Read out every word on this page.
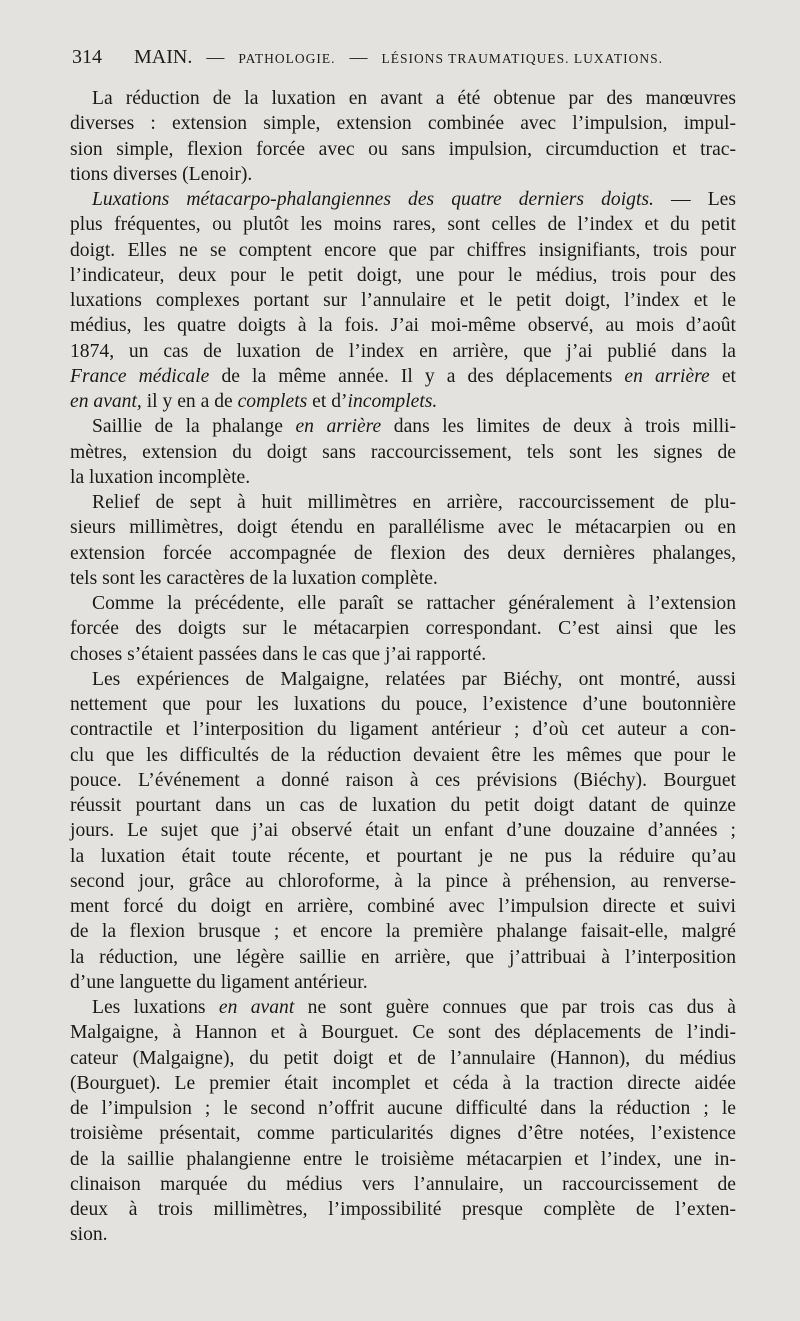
314 MAIN. — PATHOLOGIE. — LÉSIONS TRAUMATIQUES. LUXATIONS.
La réduction de la luxation en avant a été obtenue par des manœuvres
diverses : extension simple, extension combinée avec l’impulsion, impul-
sion simple, flexion forcée avec ou sans impulsion, circumduction et trac-
tions diverses (Lenoir).
Luxations métacarpo-phalangiennes des quatre derniers doigts. — Les
plus fréquentes, ou plutôt les moins rares, sont celles de l’index et du petit
doigt. Elles ne se comptent encore que par chiffres insignifiants, trois pour
l’indicateur, deux pour le petit doigt, une pour le médius, trois pour des
luxations complexes portant sur l’annulaire et le petit doigt, l’index et le
médius, les quatre doigts à la fois. J’ai moi-même observé, au mois d’août
1874, un cas de luxation de l’index en arrière, que j’ai publié dans la
France médicale de la même année. Il y a des déplacements en arrière et
en avant, il y en a de complets et d’incomplets.
Saillie de la phalange en arrière dans les limites de deux à trois milli-
mètres, extension du doigt sans raccourcissement, tels sont les signes de
la luxation incomplète.
Relief de sept à huit millimètres en arrière, raccourcissement de plu-
sieurs millimètres, doigt étendu en parallélisme avec le métacarpien ou en
extension forcée accompagnée de flexion des deux dernières phalanges,
tels sont les caractères de la luxation complète.
Comme la précédente, elle paraît se rattacher généralement à l’extension
forcée des doigts sur le métacarpien correspondant. C’est ainsi que les
choses s’étaient passées dans le cas que j’ai rapporté.
Les expériences de Malgaigne, relatées par Biéchy, ont montré, aussi
nettement que pour les luxations du pouce, l’existence d’une boutonnière
contractile et l’interposition du ligament antérieur ; d’où cet auteur a con-
clu que les difficultés de la réduction devaient être les mêmes que pour le
pouce. L’événement a donné raison à ces prévisions (Biéchy). Bourguet
réussit pourtant dans un cas de luxation du petit doigt datant de quinze
jours. Le sujet que j’ai observé était un enfant d’une douzaine d’années ;
la luxation était toute récente, et pourtant je ne pus la réduire qu’au
second jour, grâce au chloroforme, à la pince à préhension, au renverse-
ment forcé du doigt en arrière, combiné avec l’impulsion directe et suivi
de la flexion brusque ; et encore la première phalange faisait-elle, malgré
la réduction, une légère saillie en arrière, que j’attribuai à l’interposition
d’une languette du ligament antérieur.
Les luxations en avant ne sont guère connues que par trois cas dus à
Malgaigne, à Hannon et à Bourguet. Ce sont des déplacements de l’indi-
cateur (Malgaigne), du petit doigt et de l’annulaire (Hannon), du médius
(Bourguet). Le premier était incomplet et céda à la traction directe aidée
de l’impulsion ; le second n’offrit aucune difficulté dans la réduction ; le
troisième présentait, comme particularités dignes d’être notées, l’existence
de la saillie phalangienne entre le troisième métacarpien et l’index, une in-
clinaison marquée du médius vers l’annulaire, un raccourcissement de
deux à trois millimètres, l’impossibilité presque complète de l’exten-
sion.
